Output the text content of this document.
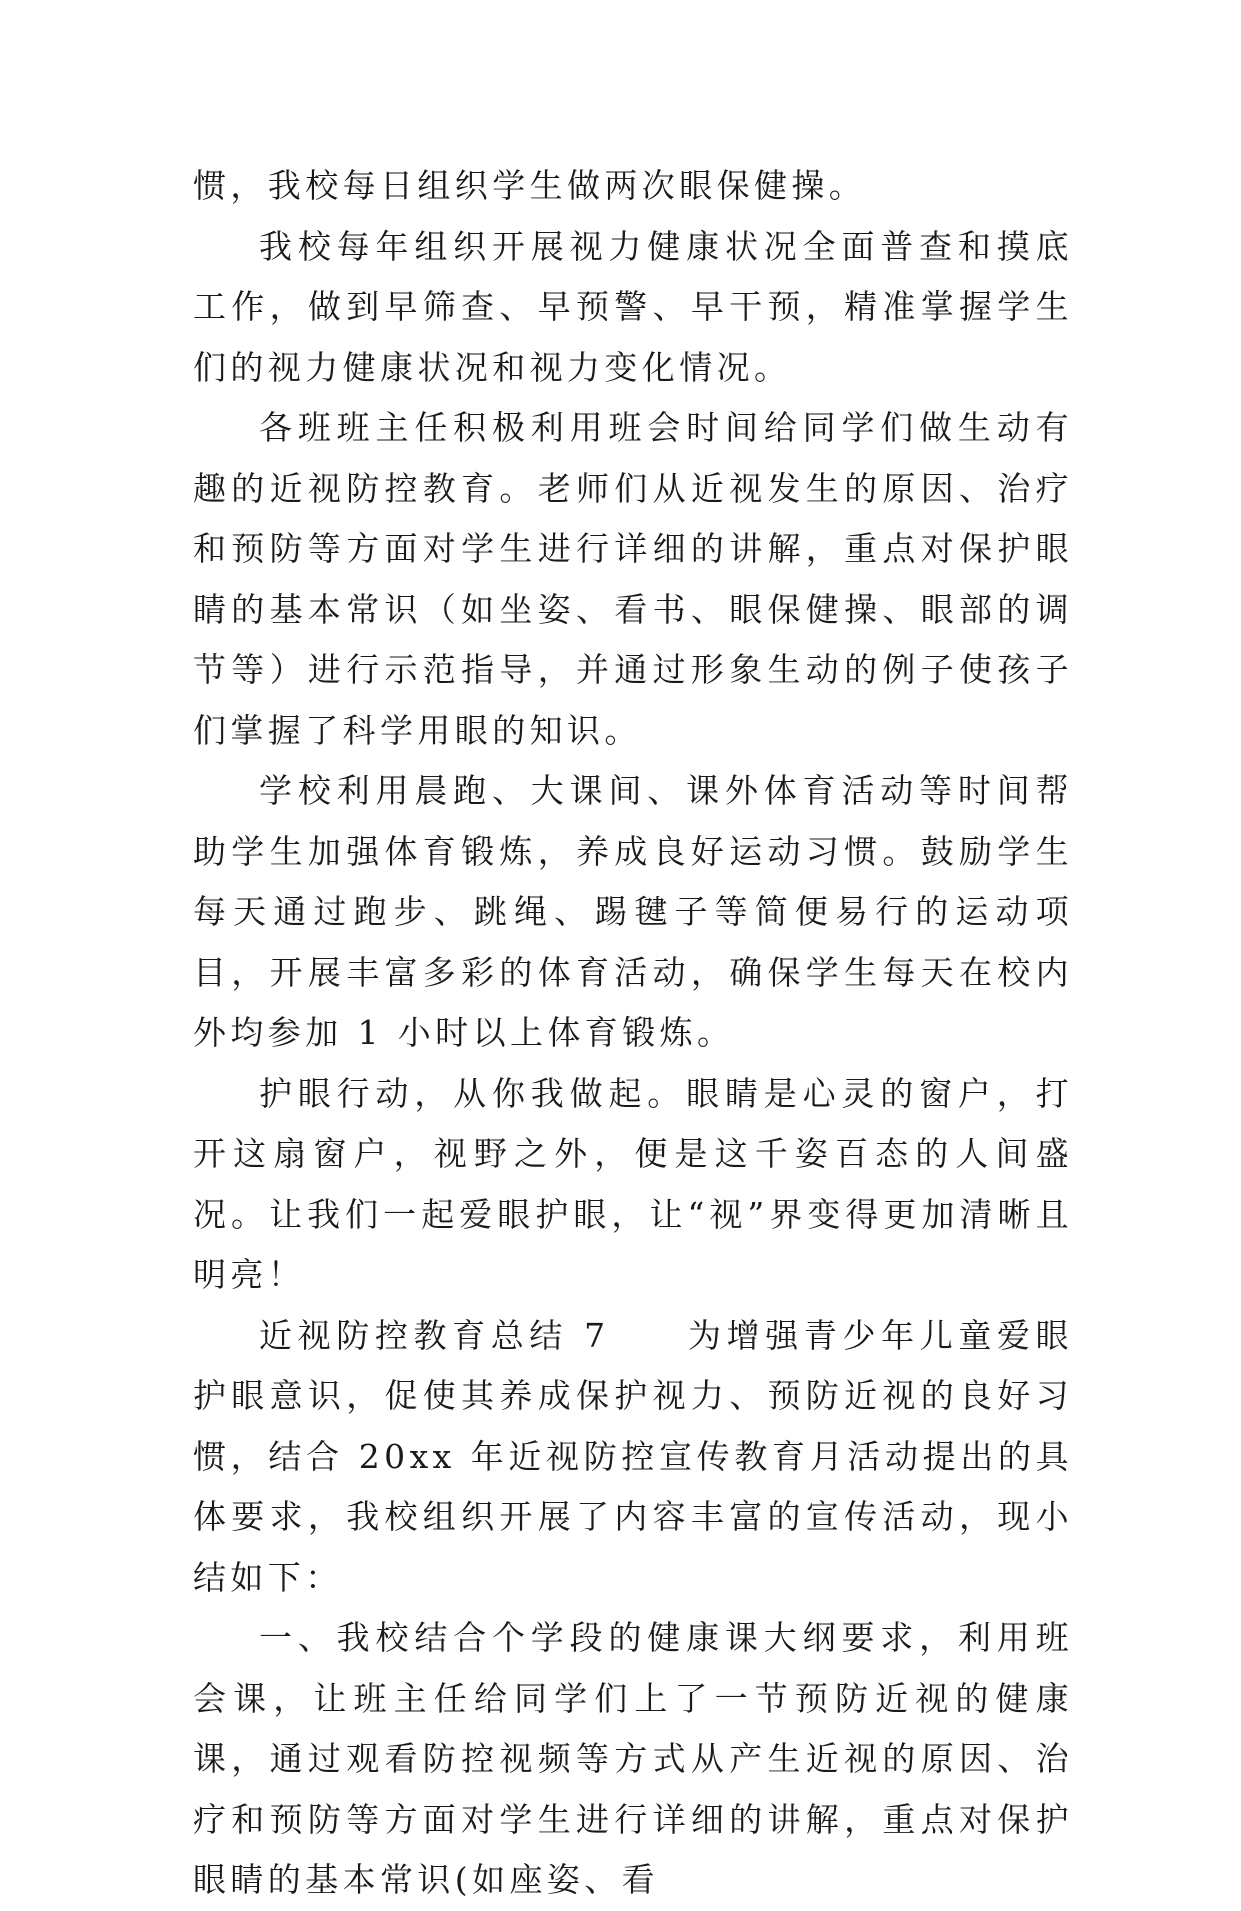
惯，我校每日组织学生做两次眼保健操。

我校每年组织开展视力健康状况全面普查和摸底工作，做到早筛查、早预警、早干预，精准掌握学生们的视力健康状况和视力变化情况。

各班班主任积极利用班会时间给同学们做生动有趣的近视防控教育。老师们从近视发生的原因、治疗和预防等方面对学生进行详细的讲解，重点对保护眼睛的基本常识（如坐姿、看书、眼保健操、眼部的调节等）进行示范指导，并通过形象生动的例子使孩子们掌握了科学用眼的知识。

学校利用晨跑、大课间、课外体育活动等时间帮助学生加强体育锻炼，养成良好运动习惯。鼓励学生每天通过跑步、跳绳、踢毽子等简便易行的运动项目，开展丰富多彩的体育活动，确保学生每天在校内外均参加 1 小时以上体育锻炼。

护眼行动，从你我做起。眼睛是心灵的窗户，打开这扇窗户，视野之外，便是这千姿百态的人间盛况。让我们一起爱眼护眼，让“视”界变得更加清晰且明亮！

近视防控教育总结 7　　为增强青少年儿童爱眼护眼意识，促使其养成保护视力、预防近视的良好习惯，结合 20xx 年近视防控宣传教育月活动提出的具体要求，我校组织开展了内容丰富的宣传活动，现小结如下：

一、我校结合个学段的健康课大纲要求，利用班会课，让班主任给同学们上了一节预防近视的健康课，通过观看防控视频等方式从产生近视的原因、治疗和预防等方面对学生进行详细的讲解，重点对保护眼睛的基本常识(如座姿、看
